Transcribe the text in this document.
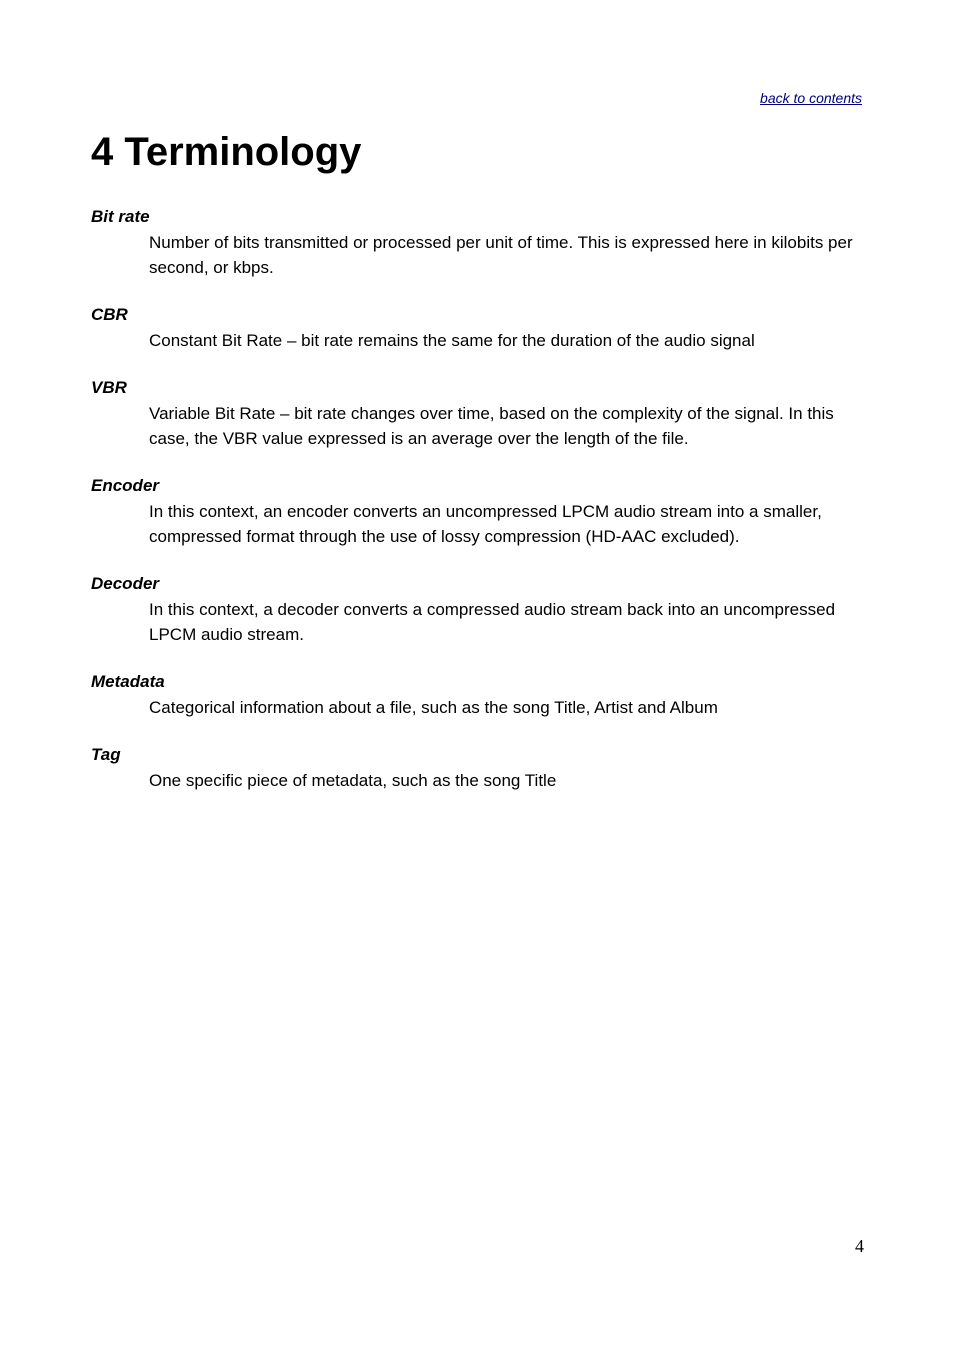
back to contents
4 Terminology
Bit rate
Number of bits transmitted or processed per unit of time. This is expressed here in kilobits per second, or kbps.
CBR
Constant Bit Rate – bit rate remains the same for the duration of the audio signal
VBR
Variable Bit Rate – bit rate changes over time, based on the complexity of the signal. In this case, the VBR value expressed is an average over the length of the file.
Encoder
In this context, an encoder converts an uncompressed LPCM audio stream into a smaller, compressed format through the use of lossy compression (HD-AAC excluded).
Decoder
In this context, a decoder converts a compressed audio stream back into an uncompressed LPCM audio stream.
Metadata
Categorical information about a file, such as the song Title, Artist and Album
Tag
One specific piece of metadata, such as the song Title
4
